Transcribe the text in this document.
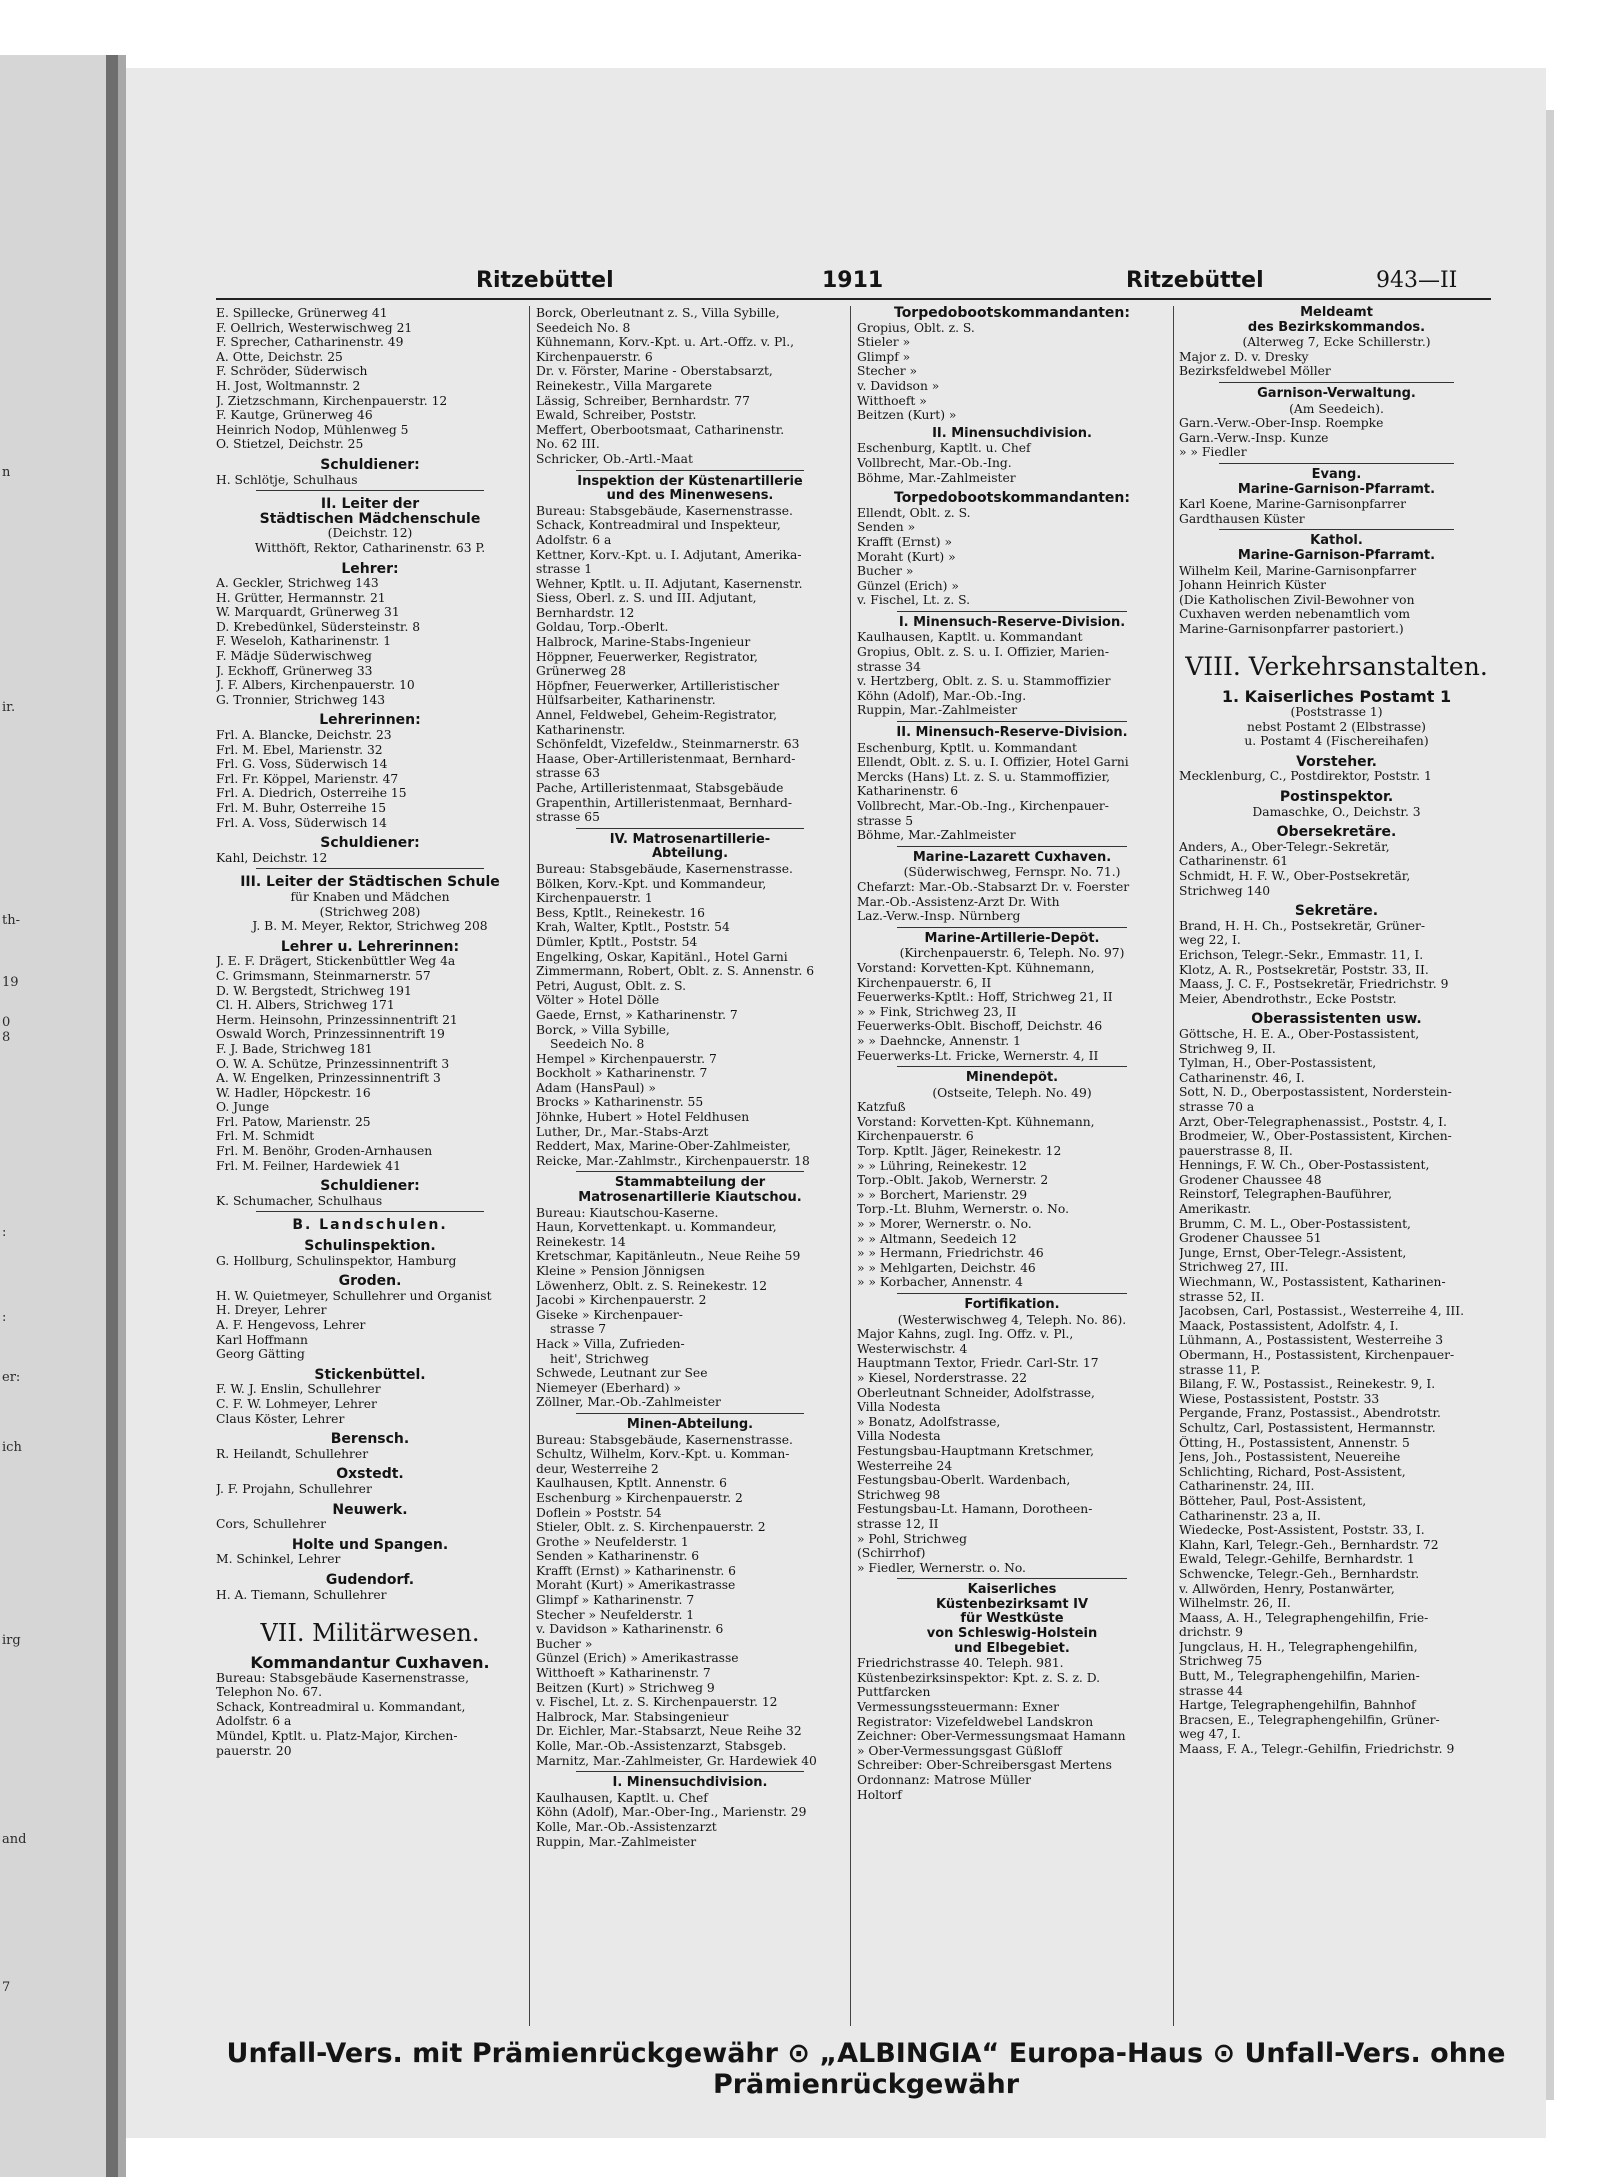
n
ir.
th-
19
0
8
:
:
er:
ich
irg
and
7
Ritzebüttel	1911	Ritzebüttel	943—II
E. Spillecke, Grünerweg 41
F. Oellrich, Westerwischweg 21
F. Sprecher, Catharinenstr. 49
A. Otte, Deichstr. 25
F. Schröder, Süderwisch
H. Jost, Woltmannstr. 2
J. Zietzschmann, Kirchenpauerstr. 12
F. Kautge, Grünerweg 46
Heinrich Nodop, Mühlenweg 5
O. Stietzel, Deichstr. 25
Schuldiener:
H. Schlötje, Schulhaus
II. Leiter der
Städtischen Mädchenschule
(Deichstr. 12)
Witthöft, Rektor, Catharinenstr. 63 P.
Lehrer:
A. Geckler, Strichweg 143
H. Grütter, Hermannstr. 21
W. Marquardt, Grünerweg 31
D. Krebedünkel, Südersteinstr. 8
F. Weseloh, Katharinenstr. 1
F. Mädje Süderwischweg
J. Eckhoff, Grünerweg 33
J. F. Albers, Kirchenpauerstr. 10
G. Tronnier, Strichweg 143
Lehrerinnen:
Frl. A. Blancke, Deichstr. 23
Frl. M. Ebel, Marienstr. 32
Frl. G. Voss, Süderwisch 14
Frl. Fr. Köppel, Marienstr. 47
Frl. A. Diedrich, Osterreihe 15
Frl. M. Buhr, Osterreihe 15
Frl. A. Voss, Süderwisch 14
Schuldiener:
Kahl, Deichstr. 12
III. Leiter der Städtischen Schule
für Knaben und Mädchen
(Strichweg 208)
J. B. M. Meyer, Rektor, Strichweg 208
Lehrer u. Lehrerinnen:
J. E. F. Drägert, Stickenbüttler Weg 4a
C. Grimsmann, Steinmarnerstr. 57
D. W. Bergstedt, Strichweg 191
Cl. H. Albers, Strichweg 171
Herm. Heinsohn, Prinzessinnentrift 21
Oswald Worch, Prinzessinnentrift 19
F. J. Bade, Strichweg 181
O. W. A. Schütze, Prinzessinnentrift 3
A. W. Engelken, Prinzessinnentrift 3
W. Hadler, Höpckestr. 16
O. Junge
Frl. Patow, Marienstr. 25
Frl. M. Schmidt
Frl. M. Benöhr, Groden-Arnhausen
Frl. M. Feilner, Hardewiek 41
Schuldiener:
K. Schumacher, Schulhaus
B. Landschulen.
Schulinspektion.
G. Hollburg, Schulinspektor, Hamburg
Groden.
H. W. Quietmeyer, Schullehrer und Organist
H. Dreyer, Lehrer
A. F. Hengevoss, Lehrer
Karl Hoffmann
Georg Gätting
Stickenbüttel.
F. W. J. Enslin, Schullehrer
C. F. W. Lohmeyer, Lehrer
Claus Köster, Lehrer
Berensch.
R. Heilandt, Schullehrer
Oxstedt.
J. F. Projahn, Schullehrer
Neuwerk.
Cors, Schullehrer
Holte und Spangen.
M. Schinkel, Lehrer
Gudendorf.
H. A. Tiemann, Schullehrer
VII. Militärwesen.
Kommandantur Cuxhaven.
Bureau: Stabsgebäude Kasernenstrasse,
Telephon No. 67.
Schack, Kontreadmiral u. Kommandant,
Adolfstr. 6 a
Mündel, Kptlt. u. Platz-Major, Kirchen-
pauerstr. 20
Borck, Oberleutnant z. S., Villa Sybille,
Seedeich No. 8
Kühnemann, Korv.-Kpt. u. Art.-Offz. v. Pl.,
Kirchenpauerstr. 6
Dr. v. Förster, Marine - Oberstabsarzt,
Reinekestr., Villa Margarete
Lässig, Schreiber, Bernhardstr. 77
Ewald, Schreiber, Poststr.
Meffert, Oberbootsmaat, Catharinenstr.
No. 62 III.
Schricker, Ob.-Artl.-Maat
Inspektion der Küstenartillerie
und des Minenwesens.
Bureau: Stabsgebäude, Kasernenstrasse.
Schack, Kontreadmiral und Inspekteur,
Adolfstr. 6 a
Kettner, Korv.-Kpt. u. I. Adjutant, Amerika-
strasse 1
Wehner, Kptlt. u. II. Adjutant, Kasernenstr.
Siess, Oberl. z. S. und III. Adjutant,
Bernhardstr. 12
Goldau, Torp.-Oberlt.
Halbrock, Marine-Stabs-Ingenieur
Höppner, Feuerwerker, Registrator,
Grünerweg 28
Höpfner, Feuerwerker, Artilleristischer
Hülfsarbeiter, Katharinenstr.
Annel, Feldwebel, Geheim-Registrator,
Katharinenstr.
Schönfeldt, Vizefeldw., Steinmarnerstr. 63
Haase, Ober-Artilleristenmaat, Bernhard-
strasse 63
Pache, Artilleristenmaat, Stabsgebäude
Grapenthin, Artilleristenmaat, Bernhard-
strasse 65
IV. Matrosenartillerie-
Abteilung.
Bureau: Stabsgebäude, Kasernenstrasse.
Bölken, Korv.-Kpt. und Kommandeur,
Kirchenpauerstr. 1
Bess, Kptlt., Reinekestr. 16
Krah, Walter, Kptlt., Poststr. 54
Dümler, Kptlt., Poststr. 54
Engelking, Oskar, Kapitänl., Hotel Garni
Zimmermann, Robert, Oblt. z. S. Annenstr. 6
Petri, August, Oblt. z. S.
Völter » Hotel Dölle
Gaede, Ernst, » Katharinenstr. 7
Borck, » Villa Sybille,
Seedeich No. 8
Hempel » Kirchenpauerstr. 7
Bockholt » Katharinenstr. 7
Adam (HansPaul) »
Brocks » Katharinenstr. 55
Jöhnke, Hubert » Hotel Feldhusen
Luther, Dr., Mar.-Stabs-Arzt
Reddert, Max, Marine-Ober-Zahlmeister,
Reicke, Mar.-Zahlmstr., Kirchenpauerstr. 18
Stammabteilung der
Matrosenartillerie Kiautschou.
Bureau: Kiautschou-Kaserne.
Haun, Korvettenkapt. u. Kommandeur,
Reinekestr. 14
Kretschmar, Kapitänleutn., Neue Reihe 59
Kleine » Pension Jönnigsen
Löwenherz, Oblt. z. S. Reinekestr. 12
Jacobi » Kirchenpauerstr. 2
Giseke » Kirchenpauer-
strasse 7
Hack » Villa, Zufrieden-
heit', Strichweg
Schwede, Leutnant zur See
Niemeyer (Eberhard) »
Zöllner, Mar.-Ob.-Zahlmeister
Minen-Abteilung.
Bureau: Stabsgebäude, Kasernenstrasse.
Schultz, Wilhelm, Korv.-Kpt. u. Komman-
deur, Westerreihe 2
Kaulhausen, Kptlt. Annenstr. 6
Eschenburg » Kirchenpauerstr. 2
Doflein » Poststr. 54
Stieler, Oblt. z. S. Kirchenpauerstr. 2
Grothe » Neufelderstr. 1
Senden » Katharinenstr. 6
Krafft (Ernst) » Katharinenstr. 6
Moraht (Kurt) » Amerikastrasse
Glimpf » Katharinenstr. 7
Stecher » Neufelderstr. 1
v. Davidson » Katharinenstr. 6
Bucher »
Günzel (Erich) » Amerikastrasse
Witthoeft » Katharinenstr. 7
Beitzen (Kurt) » Strichweg 9
v. Fischel, Lt. z. S. Kirchenpauerstr. 12
Halbrock, Mar. Stabsingenieur
Dr. Eichler, Mar.-Stabsarzt, Neue Reihe 32
Kolle, Mar.-Ob.-Assistenzarzt, Stabsgeb.
Marnitz, Mar.-Zahlmeister, Gr. Hardewiek 40
I. Minensuchdivision.
Kaulhausen, Kaptlt. u. Chef
Köhn (Adolf), Mar.-Ober-Ing., Marienstr. 29
Kolle, Mar.-Ob.-Assistenzarzt
Ruppin, Mar.-Zahlmeister
Torpedobootskommandanten:
Gropius, Oblt. z. S.
Stieler »
Glimpf »
Stecher »
v. Davidson »
Witthoeft »
Beitzen (Kurt) »
II. Minensuchdivision.
Eschenburg, Kaptlt. u. Chef
Vollbrecht, Mar.-Ob.-Ing.
Böhme, Mar.-Zahlmeister
Torpedobootskommandanten:
Ellendt, Oblt. z. S.
Senden »
Krafft (Ernst) »
Moraht (Kurt) »
Bucher »
Günzel (Erich) »
v. Fischel, Lt. z. S.
I. Minensuch-Reserve-Division.
Kaulhausen, Kaptlt. u. Kommandant
Gropius, Oblt. z. S. u. I. Offizier, Marien-
strasse 34
v. Hertzberg, Oblt. z. S. u. Stammoffizier
Köhn (Adolf), Mar.-Ob.-Ing.
Ruppin, Mar.-Zahlmeister
II. Minensuch-Reserve-Division.
Eschenburg, Kptlt. u. Kommandant
Ellendt, Oblt. z. S. u. I. Offizier, Hotel Garni
Mercks (Hans) Lt. z. S. u. Stammoffizier,
Katharinenstr. 6
Vollbrecht, Mar.-Ob.-Ing., Kirchenpauer-
strasse 5
Böhme, Mar.-Zahlmeister
Marine-Lazarett Cuxhaven.
(Süderwischweg, Fernspr. No. 71.)
Chefarzt: Mar.-Ob.-Stabsarzt Dr. v. Foerster
Mar.-Ob.-Assistenz-Arzt Dr. With
Laz.-Verw.-Insp. Nürnberg
Marine-Artillerie-Depôt.
(Kirchenpauerstr. 6, Teleph. No. 97)
Vorstand: Korvetten-Kpt. Kühnemann,
Kirchenpauerstr. 6, II
Feuerwerks-Kptlt.: Hoff, Strichweg 21, II
» » Fink, Strichweg 23, II
Feuerwerks-Oblt. Bischoff, Deichstr. 46
» » Daehncke, Annenstr. 1
Feuerwerks-Lt. Fricke, Wernerstr. 4, II
Minendepôt.
(Ostseite, Teleph. No. 49)
Katzfuß
Vorstand: Korvetten-Kpt. Kühnemann,
Kirchenpauerstr. 6
Torp. Kptlt. Jäger, Reinekestr. 12
» » Lühring, Reinekestr. 12
Torp.-Oblt. Jakob, Wernerstr. 2
» » Borchert, Marienstr. 29
Torp.-Lt. Bluhm, Wernerstr. o. No.
» » Morer, Wernerstr. o. No.
» » Altmann, Seedeich 12
» » Hermann, Friedrichstr. 46
» » Mehlgarten, Deichstr. 46
» » Korbacher, Annenstr. 4
Fortifikation.
(Westerwischweg 4, Teleph. No. 86).
Major Kahns, zugl. Ing. Offz. v. Pl.,
Westerwischstr. 4
Hauptmann Textor, Friedr. Carl-Str. 17
» Kiesel, Norderstrasse. 22
Oberleutnant Schneider, Adolfstrasse,
Villa Nodesta
» Bonatz, Adolfstrasse,
Villa Nodesta
Festungsbau-Hauptmann Kretschmer,
Westerreihe 24
Festungsbau-Oberlt. Wardenbach,
Strichweg 98
Festungsbau-Lt. Hamann, Dorotheen-
strasse 12, II
» Pohl, Strichweg
(Schirrhof)
» Fiedler, Wernerstr. o. No.
Kaiserliches
Küstenbezirksamt IV
für Westküste
von Schleswig-Holstein
und Elbegebiet.
Friedrichstrasse 40. Teleph. 981.
Küstenbezirksinspektor: Kpt. z. S. z. D.
Puttfarcken
Vermessungssteuermann: Exner
Registrator: Vizefeldwebel Landskron
Zeichner: Ober-Vermessungsmaat Hamann
» Ober-Vermessungsgast Güßloff
Schreiber: Ober-Schreibersgast Mertens
Ordonnanz: Matrose Müller
Holtorf
Meldeamt
des Bezirkskommandos.
(Alterweg 7, Ecke Schillerstr.)
Major z. D. v. Dresky
Bezirksfeldwebel Möller
Garnison-Verwaltung.
(Am Seedeich).
Garn.-Verw.-Ober-Insp. Roempke
Garn.-Verw.-Insp. Kunze
» » Fiedler
Evang.
Marine-Garnison-Pfarramt.
Karl Koene, Marine-Garnisonpfarrer
Gardthausen Küster
Kathol.
Marine-Garnison-Pfarramt.
Wilhelm Keil, Marine-Garnisonpfarrer
Johann Heinrich Küster
(Die Katholischen Zivil-Bewohner von
Cuxhaven werden nebenamtlich vom
Marine-Garnisonpfarrer pastoriert.)
VIII. Verkehrsanstalten.
1. Kaiserliches Postamt 1
(Poststrasse 1)
nebst Postamt 2 (Elbstrasse)
u. Postamt 4 (Fischereihafen)
Vorsteher.
Mecklenburg, C., Postdirektor, Poststr. 1
Postinspektor.
Damaschke, O., Deichstr. 3
Obersekretäre.
Anders, A., Ober-Telegr.-Sekretär,
Catharinenstr. 61
Schmidt, H. F. W., Ober-Postsekretär,
Strichweg 140
Sekretäre.
Brand, H. H. Ch., Postsekretär, Grüner-
weg 22, I.
Erichson, Telegr.-Sekr., Emmastr. 11, I.
Klotz, A. R., Postsekretär, Poststr. 33, II.
Maass, J. C. F., Postsekretär, Friedrichstr. 9
Meier, Abendrothstr., Ecke Poststr.
Oberassistenten usw.
Göttsche, H. E. A., Ober-Postassistent,
Strichweg 9, II.
Tylman, H., Ober-Postassistent,
Catharinenstr. 46, I.
Sott, N. D., Oberpostassistent, Norderstein-
strasse 70 a
Arzt, Ober-Telegraphenassist., Poststr. 4, I.
Brodmeier, W., Ober-Postassistent, Kirchen-
pauerstrasse 8, II.
Hennings, F. W. Ch., Ober-Postassistent,
Grodener Chaussee 48
Reinstorf, Telegraphen-Bauführer,
Amerikastr.
Brumm, C. M. L., Ober-Postassistent,
Grodener Chaussee 51
Junge, Ernst, Ober-Telegr.-Assistent,
Strichweg 27, III.
Wiechmann, W., Postassistent, Katharinen-
strasse 52, II.
Jacobsen, Carl, Postassist., Westerreihe 4, III.
Maack, Postassistent, Adolfstr. 4, I.
Lühmann, A., Postassistent, Westerreihe 3
Obermann, H., Postassistent, Kirchenpauer-
strasse 11, P.
Bilang, F. W., Postassist., Reinekestr. 9, I.
Wiese, Postassistent, Poststr. 33
Pergande, Franz, Postassist., Abendrotstr.
Schultz, Carl, Postassistent, Hermannstr.
Ötting, H., Postassistent, Annenstr. 5
Jens, Joh., Postassistent, Neuereihe
Schlichting, Richard, Post-Assistent,
Catharinenstr. 24, III.
Bötteher, Paul, Post-Assistent,
Catharinenstr. 23 a, II.
Wiedecke, Post-Assistent, Poststr. 33, I.
Klahn, Karl, Telegr.-Geh., Bernhardstr. 72
Ewald, Telegr.-Gehilfe, Bernhardstr. 1
Schwencke, Telegr.-Geh., Bernhardstr.
v. Allwörden, Henry, Postanwärter,
Wilhelmstr. 26, II.
Maass, A. H., Telegraphengehilfin, Frie-
drichstr. 9
Jungclaus, H. H., Telegraphengehilfin,
Strichweg 75
Butt, M., Telegraphengehilfin, Marien-
strasse 44
Hartge, Telegraphengehilfin, Bahnhof
Bracsen, E., Telegraphengehilfin, Grüner-
weg 47, I.
Maass, F. A., Telegr.-Gehilfin, Friedrichstr. 9
Unfall-Vers. mit Prämienrückgewähr ⊙ „ALBINGIA“ Europa-Haus ⊙ Unfall-Vers. ohne Prämienrückgewähr
